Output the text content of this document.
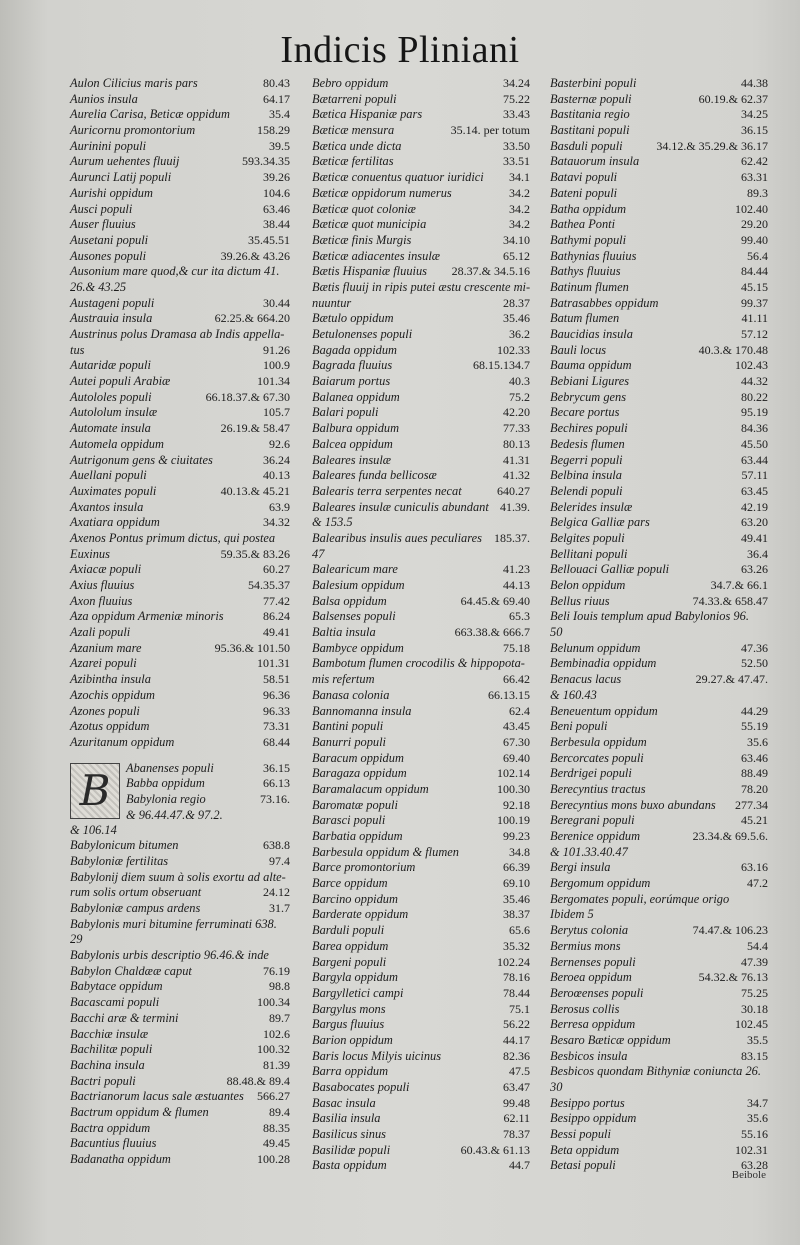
Indicis Pliniani
Aulon Cilicius maris pars	80.43
Aunios insula	64.17
Aurelia Carisa, Beticæ oppidum	35.4
Auricornu promontorium	158.29
Aurinini populi	39.5
Aurum uehentes fluuij	593.34.35
Aurunci Latij populi	39.26
Aurishi oppidum	104.6
Ausci populi	63.46
Auser fluuius	38.44
Ausetani populi	35.45.51
Ausones populi	39.26.& 43.26
Ausonium mare quod,& cur ita dictum 41.
26.& 43.25
Austageni populi	30.44
Austrauia insula	62.25.& 664.20
Austrinus polus Dramasa ab Indis appella-
tus	91.26
Autaridæ populi	100.9
Autei populi Arabiæ	101.34
Autololes populi	66.18.37.& 67.30
Autololum insulæ	105.7
Automate insula	26.19.& 58.47
Automela oppidum	92.6
Autrigonum gens & ciuitates	36.24
Auellani populi	40.13
Auximates populi	40.13.& 45.21
Axantos insula	63.9
Axatiara oppidum	34.32
Axenos Pontus primum dictus, qui postea
Euxinus	59.35.& 83.26
Axiacæ populi	60.27
Axius fluuius	54.35.37
Axon fluuius	77.42
Aza oppidum Armeniæ minoris	86.24
Azali populi	49.41
Azanium mare	95.36.& 101.50
Azarei populi	101.31
Azibintha insula	58.51
Azochis oppidum	96.36
Azones populi	96.33
Azotus oppidum	73.31
Azuritanum oppidum	68.44
B	Abanenses populi	36.15
Babba oppidum	66.13
Babylonia regio	73.16.
& 96.44.47.& 97.2.
& 106.14
Babylonicum bitumen	638.8
Babyloniæ fertilitas	97.4
Babylonij diem suum à solis exortu ad alte-
rum solis ortum obseruant	24.12
Babyloniæ campus ardens	31.7
Babylonis muri bitumine ferruminati 638.
29
Babylonis urbis descriptio 96.46.& inde
Babylon Chaldææ caput	76.19
Babytace oppidum	98.8
Bacascami populi	100.34
Bacchi aræ & termini	89.7
Bacchiæ insulæ	102.6
Bachilitæ populi	100.32
Bachina insula	81.39
Bactri populi	88.48.& 89.4
Bactrianorum lacus sale æstuantes 566.27
Bactrum oppidum & flumen	89.4
Bactra oppidum	88.35
Bacuntius fluuius	49.45
Badanatha oppidum	100.28
Bebro oppidum	34.24
Bætarreni populi	75.22
Bætica Hispaniæ pars	33.43
Bæticæ mensura	35.14. per totum
Bætica unde dicta	33.50
Bæticæ fertilitas	33.51
Bæticæ conuentus quatuor iuridici 34.1
Bæticæ oppidorum numerus	34.2
Bæticæ quot coloniæ	34.2
Bæticæ quot municipia	34.2
Bæticæ finis Murgis	34.10
Bæticæ adiacentes insulæ	65.12
Bætis Hispaniæ fluuius 28.37.& 34.5.16
Bætis fluuij in ripis putei æstu crescente mi-
nuuntur	28.37
Bætulo oppidum	35.46
Betulonenses populi	36.2
Bagada oppidum	102.33
Bagrada fluuius	68.15.134.7
Baiarum portus	40.3
Balanea oppidum	75.2
Balari populi	42.20
Balbura oppidum	77.33
Balcea oppidum	80.13
Baleares insulæ	41.31
Baleares funda bellicosæ	41.32
Balearis terra serpentes necat	640.27
Baleares insulæ cuniculis abundant 41.39.
& 153.5
Balearibus insulis aues peculiares 185.37.
47
Balearicum mare	41.23
Balesium oppidum	44.13
Balsa oppidum	64.45.& 69.40
Balsenses populi	65.3
Baltia insula	663.38.& 666.7
Bambyce oppidum	75.18
Bambotum flumen crocodilis & hippopota-
mis refertum	66.42
Banasa colonia	66.13.15
Bannomanna insula	62.4
Bantini populi	43.45
Banurri populi	67.30
Baracum oppidum	69.40
Baragaza oppidum	102.14
Baramalacum oppidum	100.30
Baromatæ populi	92.18
Barasci populi	100.19
Barbatia oppidum	99.23
Barbesula oppidum & flumen	34.8
Barce promontorium	66.39
Barce oppidum	69.10
Barcino oppidum	35.46
Barderate oppidum	38.37
Barduli populi	65.6
Barea oppidum	35.32
Bargeni populi	102.24
Bargyla oppidum	78.16
Bargylletici campi	78.44
Bargylus mons	75.1
Bargus fluuius	56.22
Barion oppidum	44.17
Baris locus Milyis uicinus	82.36
Barra oppidum	47.5
Basabocates populi	63.47
Basac insula	99.48
Basilia insula	62.11
Basilicus sinus	78.37
Basilidæ populi	60.43.& 61.13
Basta oppidum	44.7
Basterbini populi	44.38
Basternæ populi	60.19.& 62.37
Bastitania regio	34.25
Bastitani populi	36.15
Basduli populi	34.12.& 35.29.& 36.17
Batauorum insula	62.42
Batavi populi	63.31
Bateni populi	89.3
Batha oppidum	102.40
Bathea Ponti	29.20
Bathymi populi	99.40
Bathynias fluuius	56.4
Bathys fluuius	84.44
Batinum flumen	45.15
Batrasabbes oppidum	99.37
Batum flumen	41.11
Baucidias insula	57.12
Bauli locus	40.3.& 170.48
Bauma oppidum	102.43
Bebiani Ligures	44.32
Bebrycum gens	80.22
Becare portus	95.19
Bechires populi	84.36
Bedesis flumen	45.50
Begerri populi	63.44
Belbina insula	57.11
Belendi populi	63.45
Belerides insulæ	42.19
Belgica Galliæ pars	63.20
Belgites populi	49.41
Bellitani populi	36.4
Bellouaci Galliæ populi	63.26
Belon oppidum	34.7.& 66.1
Bellus riuus	74.33.& 658.47
Beli Iouis templum apud Babylonios 96.
50
Belunum oppidum	47.36
Bembinadia oppidum	52.50
Benacus lacus	29.27.& 47.47.
& 160.43
Beneuentum oppidum	44.29
Beni populi	55.19
Berbesula oppidum	35.6
Bercorcates populi	63.46
Berdrigei populi	88.49
Berecyntius tractus	78.20
Berecyntius mons buxo abundans 277.34
Beregrani populi	45.21
Berenice oppidum	23.34.& 69.5.6.
& 101.33.40.47
Bergi insula	63.16
Bergomum oppidum	47.2
Bergomates populi, eorúmque origo
Ibidem 5
Berytus colonia	74.47.& 106.23
Bermius mons	54.4
Bernenses populi	47.39
Beroea oppidum	54.32.& 76.13
Beroœenses populi	75.25
Berosus collis	30.18
Berresa oppidum	102.45
Besaro Bæticæ oppidum	35.5
Besbicos insula	83.15
Besbicos quondam Bithyniæ coniuncta 26.
30
Besippo portus	34.7
Besippo oppidum	35.6
Bessi populi	55.16
Beta oppidum	102.31
Betasi populi	63.28
Beibole
